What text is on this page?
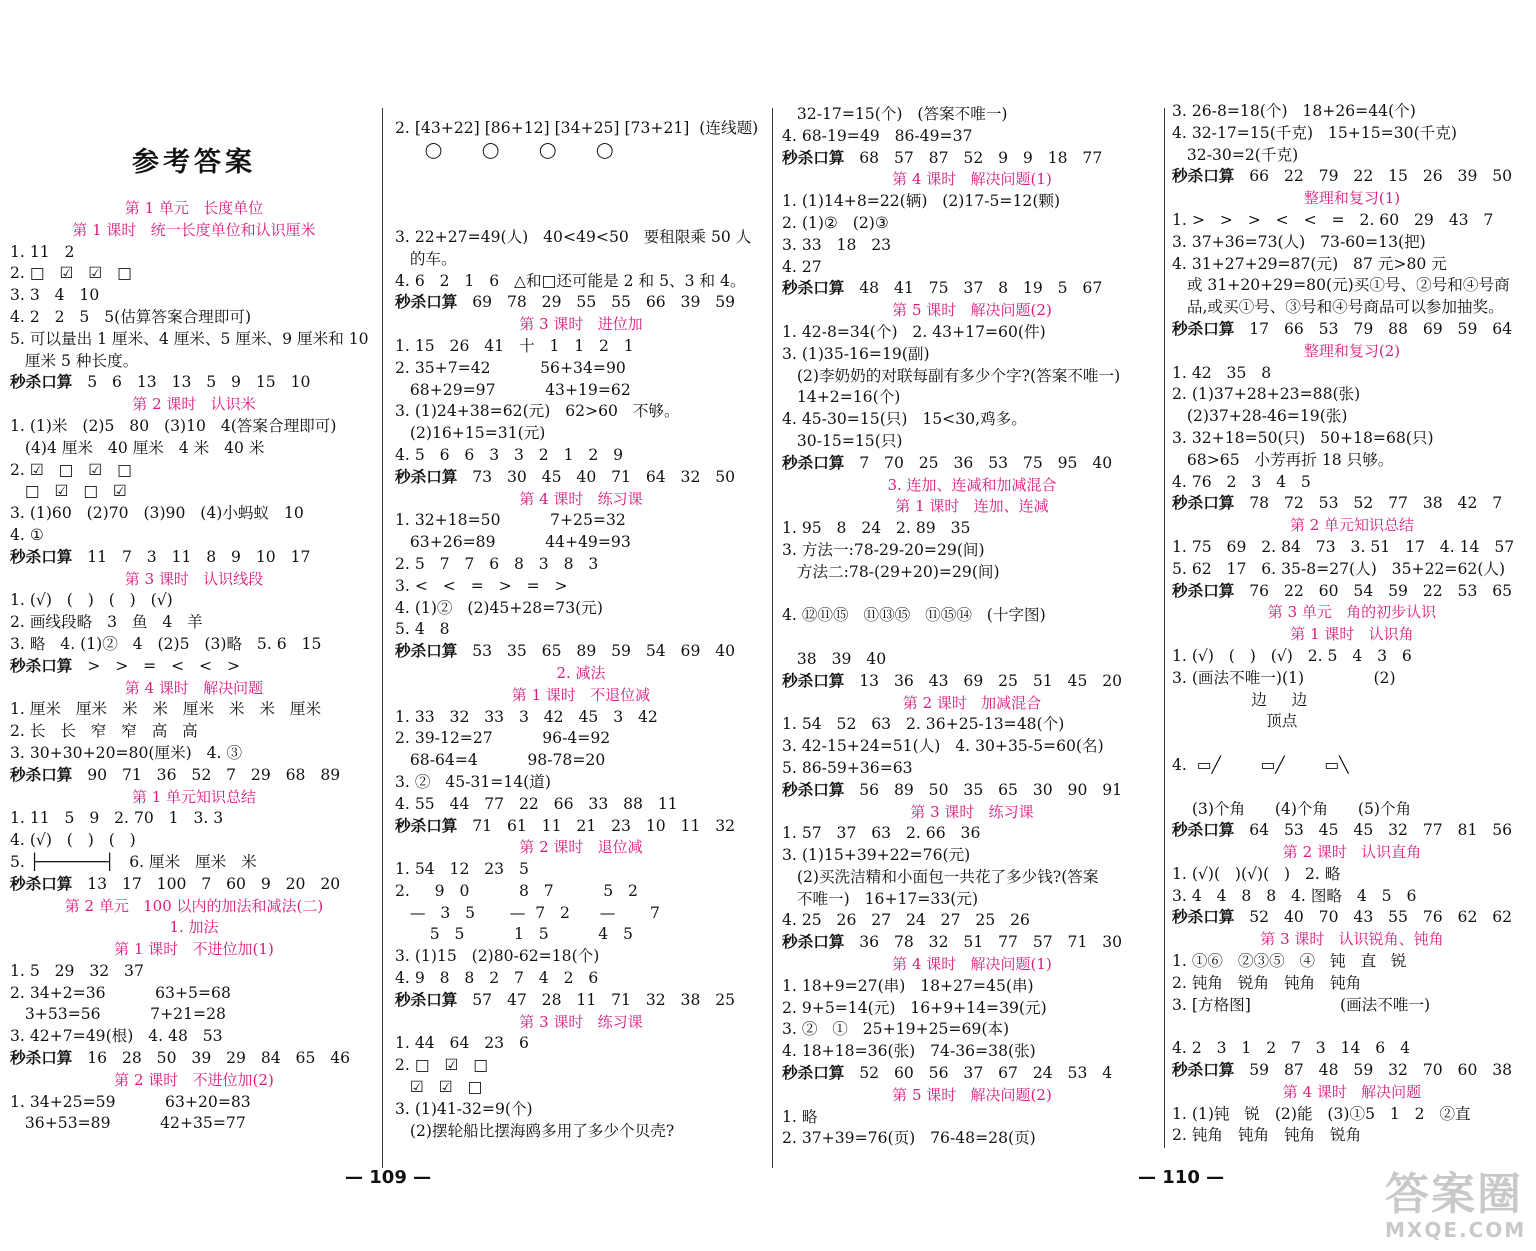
参考答案
第 1 单元   长度单位
第 1 课时   统一长度单位和认识厘米
1. 11   2
2. □   ☑   ☑   □
3. 3   4   10
4. 2   2   5   5(估算答案合理即可)
5. 可以量出 1 厘米、4 厘米、5 厘米、9 厘米和 10
厘米 5 种长度。
秒杀口算   5   6   13   13   5   9   15   10
第 2 课时   认识米
1. (1)米   (2)5   80   (3)10   4(答案合理即可)
(4)4 厘米   40 厘米   4 米   40 米
2. ☑   □   ☑   □
□   ☑   □   ☑
3. (1)60   (2)70   (3)90   (4)小蚂蚁   10
4. ①
秒杀口算   11   7   3   11   8   9   10   17
第 3 课时   认识线段
1. (√)   (   )   (   )   (√)
2. 画线段略   3   鱼   4   羊
3. 略   4. (1)②   4   (2)5   (3)略   5. 6   15
秒杀口算   >   >   =   <   <   >
第 4 课时   解决问题
1. 厘米   厘米   米   米   厘米   米   米   厘米
2. 长   长   窄   窄   高   高
3. 30+30+20=80(厘米)   4. ③
秒杀口算   90   71   36   52   7   29   68   89
第 1 单元知识总结
1. 11   5   9   2. 70   1   3. 3
4. (√)   (   )   (   )
5. ├───────┤   6. 厘米   厘米   米
秒杀口算   13   17   100   7   60   9   20   20
第 2 单元   100 以内的加法和减法(二)
1. 加法
第 1 课时   不进位加(1)
1. 5   29   32   37
2. 34+2=36          63+5=68
3+53=56          7+21=28
3. 42+7=49(根)   4. 48   53
秒杀口算   16   28   50   39   29   84   65   46
第 2 课时   不进位加(2)
1. 34+25=59          63+20=83
36+53=89          42+35=77
2. [43+22] [86+12] [34+25] [73+21]  (连线题)
◯        ◯        ◯        ◯
3. 22+27=49(人)   40<49<50   要租限乘 50 人
的车。
4. 6   2   1   6   △和□还可能是 2 和 5、3 和 4。
秒杀口算   69   78   29   55   55   66   39   59
第 3 课时   进位加
1. 15   26   41   十   1   1   2   1
2. 35+7=42          56+34=90
68+29=97          43+19=62
3. (1)24+38=62(元)   62>60   不够。
(2)16+15=31(元)
4. 5   6   6   3   3   2   1   2   9
秒杀口算   73   30   45   40   71   64   32   50
第 4 课时   练习课
1. 32+18=50          7+25=32
63+26=89          44+49=93
2. 5   7   7   6   8   3   8   3
3. <   <   =   >   =   >
4. (1)②   (2)45+28=73(元)
5. 4   8
秒杀口算   53   35   65   89   59   54   69   40
2. 减法
第 1 课时   不退位减
1. 33   32   33   3   42   45   3   42
2. 39-12=27          96-4=92
68-64=4          98-78=20
3. ②   45-31=14(道)
4. 55   44   77   22   66   33   88   11
秒杀口算   71   61   11   21   23   10   11   32
第 2 课时   退位减
1. 54   12   23   5
2.     9   0          8   7          5   2
—   3   5       —  7   2      —       7
5   5          1   5          4   5
3. (1)15   (2)80-62=18(个)
4. 9   8   8   2   7   4   2   6
秒杀口算   57   47   28   11   71   32   38   25
第 3 课时   练习课
1. 44   64   23   6
2. □   ☑   □
☑   ☑   □
3. (1)41-32=9(个)
(2)摆轮船比摆海鸥多用了多少个贝壳?
32-17=15(个)   (答案不唯一)
4. 68-19=49   86-49=37
秒杀口算   68   57   87   52   9   9   18   77
第 4 课时   解决问题(1)
1. (1)14+8=22(辆)   (2)17-5=12(颗)
2. (1)②   (2)③
3. 33   18   23
4. 27
秒杀口算   48   41   75   37   8   19   5   67
第 5 课时   解决问题(2)
1. 42-8=34(个)   2. 43+17=60(件)
3. (1)35-16=19(副)
(2)李奶奶的对联每副有多少个字?(答案不唯一)
14+2=16(个)
4. 45-30=15(只)   15<30,鸡多。
30-15=15(只)
秒杀口算   7   70   25   36   53   75   95   40
3. 连加、连减和加减混合
第 1 课时   连加、连减
1. 95   8   24   2. 89   35
3. 方法一:78-29-20=29(间)
方法二:78-(29+20)=29(间)
4. ⑫⑪⑮   ⑪⑬⑮   ⑪⑮⑭   (十字图)
38   39   40
秒杀口算   13   36   43   69   25   51   45   20
第 2 课时   加减混合
1. 54   52   63   2. 36+25-13=48(个)
3. 42-15+24=51(人)   4. 30+35-5=60(名)
5. 86-59+36=63
秒杀口算   56   89   50   35   65   30   90   91
第 3 课时   练习课
1. 57   37   63   2. 66   36
3. (1)15+39+22=76(元)
(2)买洗洁精和小面包一共花了多少钱?(答案
不唯一)   16+17=33(元)
4. 25   26   27   24   27   25   26
秒杀口算   36   78   32   51   77   57   71   30
第 4 课时   解决问题(1)
1. 18+9=27(串)   18+27=45(串)
2. 9+5=14(元)   16+9+14=39(元)
3. ②   ①   25+19+25=69(本)
4. 18+18=36(张)   74-36=38(张)
秒杀口算   52   60   56   37   67   24   53   4
第 5 课时   解决问题(2)
1. 略
2. 37+39=76(页)   76-48=28(页)
3. 26-8=18(个)   18+26=44(个)
4. 32-17=15(千克)   15+15=30(千克)
32-30=2(千克)
秒杀口算   66   22   79   22   15   26   39   50
整理和复习(1)
1. >   >   >   <   <   =   2. 60   29   43   7
3. 37+36=73(人)   73-60=13(把)
4. 31+27+29=87(元)   87 元>80 元
或 31+20+29=80(元)买①号、②号和④号商
品,或买①号、③号和④号商品可以参加抽奖。
秒杀口算   17   66   53   79   88   69   59   64
整理和复习(2)
1. 42   35   8
2. (1)37+28+23=88(张)
(2)37+28-46=19(张)
3. 32+18=50(只)   50+18=68(只)
68>65   小芳再折 18 只够。
4. 76   2   3   4   5
秒杀口算   78   72   53   52   77   38   42   7
第 2 单元知识总结
1. 75   69   2. 84   73   3. 51   17   4. 14   57
5. 62   17   6. 35-8=27(人)   35+22=62(人)
秒杀口算   76   22   60   54   59   22   53   65
第 3 单元   角的初步认识
第 1 课时   认识角
1. (√)   (   )   (√)   2. 5   4   3   6
3. (画法不唯一)(1)              (2)
边     边
顶点
4.  ▭╱        ▭╱        ▭╲
(3)个角      (4)个角      (5)个角
秒杀口算   64   53   45   45   32   77   81   56
第 2 课时   认识直角
1. (√)(   )(√)(   )   2. 略
3. 4   4   8   8   4. 图略   4   5   6
秒杀口算   52   40   70   43   55   76   62   62
第 3 课时   认识锐角、钝角
1. ①⑥   ②③⑤   ④   钝   直   锐
2. 钝角   锐角   钝角   钝角
3. [方格图]                  (画法不唯一)
4. 2   3   1   2   7   3   14   6   4
秒杀口算   59   87   48   59   32   70   60   38
第 4 课时   解决问题
1. (1)钝   锐   (2)能   (3)①5   1   2   ②直
2. 钝角   钝角   钝角   锐角
— 109 —	— 110 —	答案圈
MXQE.COM
